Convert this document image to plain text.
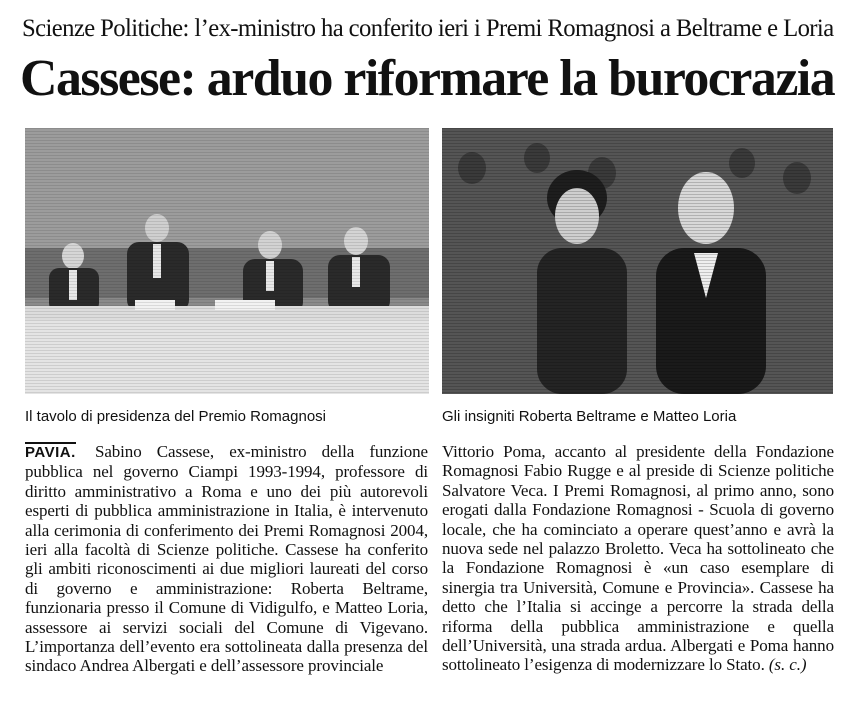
Scienze Politiche: l’ex-ministro ha conferito ieri i Premi Romagnosi a Beltrame e Loria
Cassese: arduo riformare la burocrazia
Il tavolo di presidenza del Premio Romagnosi	Gli insigniti Roberta Beltrame e Matteo Loria

PAVIA. Sabino Cassese, ex-ministro della funzione pubblica nel governo Ciampi 1993-1994, professore di diritto amministrativo a Roma e uno dei più autorevoli esperti di pubblica amministrazione in Italia, è intervenuto alla cerimonia di conferimento dei Premi Romagnosi 2004, ieri alla facoltà di Scienze politiche. Cassese ha conferito gli ambiti riconoscimenti ai due migliori laureati del corso di governo e amministrazione: Roberta Beltrame, funzionaria presso il Comune di Vidigulfo, e Matteo Loria, assessore ai servizi sociali del Comune di Vigevano. L’importanza dell’evento era sottolineata dalla presenza del sindaco Andrea Albergati e dell’assessore provinciale

Vittorio Poma, accanto al presidente della Fondazione Romagnosi Fabio Rugge e al preside di Scienze politiche Salvatore Veca. I Premi Romagnosi, al primo anno, sono erogati dalla Fondazione Romagnosi - Scuola di governo locale, che ha cominciato a operare quest’anno e avrà la nuova sede nel palazzo Broletto. Veca ha sottolineato che la Fondazione Romagnosi è «un caso esemplare di sinergia tra Università, Comune e Provincia». Cassese ha detto che l’Italia si accinge a percorre la strada della riforma della pubblica amministrazione e quella dell’Università, una strada ardua. Albergati e Poma hanno sottolineato l’esigenza di modernizzare lo Stato. (s. c.)
